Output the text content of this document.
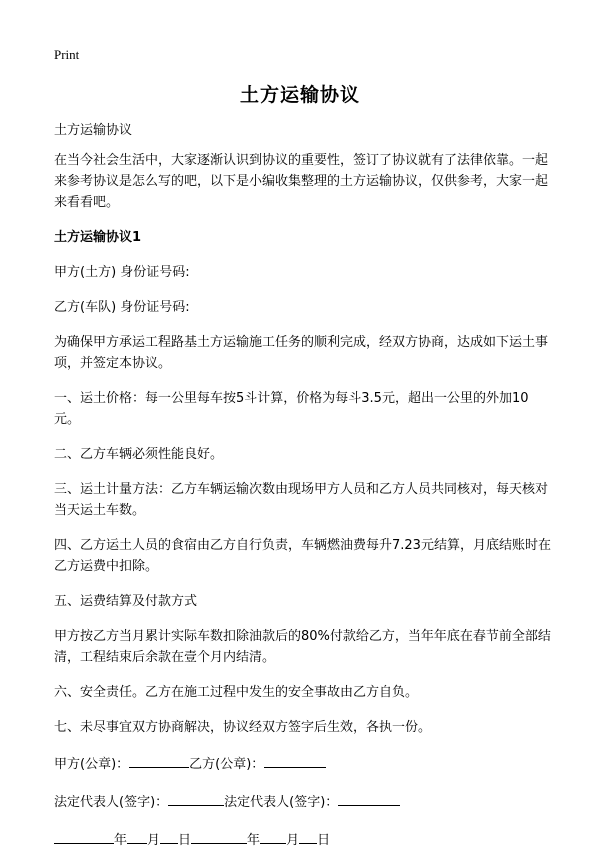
Print
土方运输协议

土方运输协议

在当今社会生活中，大家逐渐认识到协议的重要性，签订了协议就有了法律依靠。一起来参考协议是怎么写的吧，以下是小编收集整理的土方运输协议，仅供参考，大家一起来看看吧。

土方运输协议1

甲方(土方) 身份证号码:

乙方(车队) 身份证号码:

为确保甲方承运工程路基土方运输施工任务的顺利完成，经双方协商，达成如下运土事项，并签定本协议。

一、运土价格：每一公里每车按5斗计算，价格为每斗3.5元，超出一公里的外加10元。

二、乙方车辆必须性能良好。

三、运土计量方法：乙方车辆运输次数由现场甲方人员和乙方人员共同核对，每天核对当天运土车数。

四、乙方运土人员的食宿由乙方自行负责，车辆燃油费每升7.23元结算，月底结账时在乙方运费中扣除。

五、运费结算及付款方式

甲方按乙方当月累计实际车数扣除油款后的80%付款给乙方，当年年底在春节前全部结清，工程结束后余款在壹个月内结清。

六、安全责任。乙方在施工过程中发生的安全事故由乙方自负。

七、未尽事宜双方协商解决，协议经双方签字后生效，各执一份。

甲方(公章)：	乙方(公章)：
法定代表人(签字)：	法定代表人(签字)：
年 月 日	年 月 日
